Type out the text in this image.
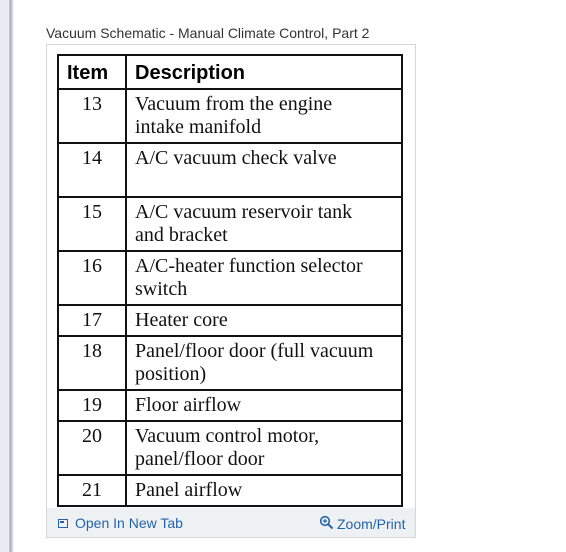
Vacuum Schematic - Manual Climate Control, Part 2
Item	Description
13	Vacuum from the engine
intake manifold
14	A/C vacuum check valve

15	A/C vacuum reservoir tank
and bracket
16	A/C-heater function selector
switch
17	Heater core
18	Panel/floor door (full vacuum
position)
19	Floor airflow
20	Vacuum control motor,
panel/floor door
21	Panel airflow
Open In New Tab	Zoom/Print
